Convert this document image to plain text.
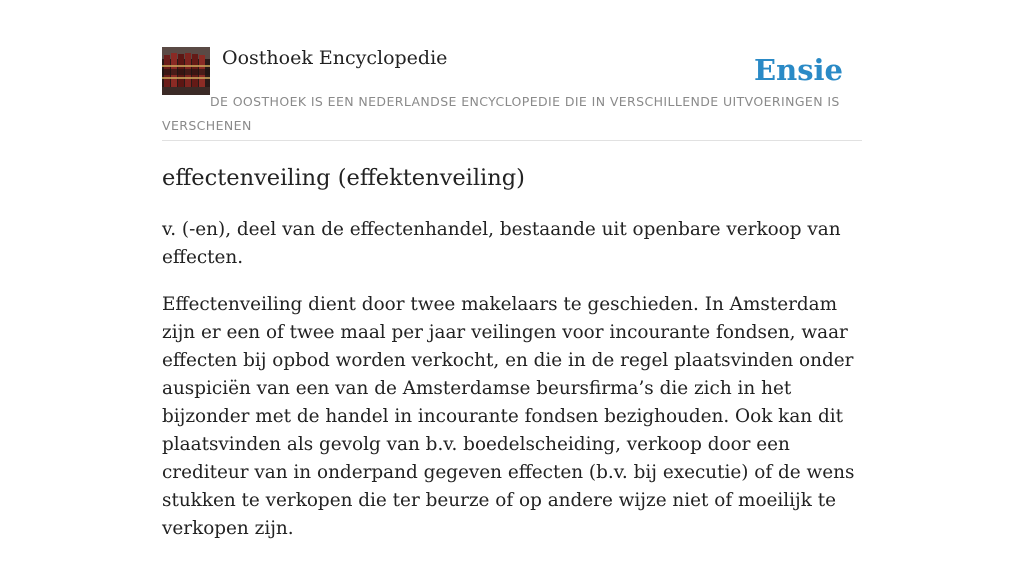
Oosthoek Encyclopedie	Ensie
DE OOSTHOEK IS EEN NEDERLANDSE ENCYCLOPEDIE DIE IN VERSCHILLENDE UITVOERINGEN IS VERSCHENEN
effectenveiling (effektenveiling)

v. (-en), deel van de effectenhandel, bestaande uit openbare verkoop van effecten.

Effectenveiling dient door twee makelaars te geschieden. In Amsterdam zijn er een of twee maal per jaar veilingen voor incourante fondsen, waar effecten bij opbod worden verkocht, en die in de regel plaatsvinden onder auspiciën van een van de Amsterdamse beursfirma’s die zich in het bijzonder met de handel in incourante fondsen bezighouden. Ook kan dit plaatsvinden als gevolg van b.v. boedelscheiding, verkoop door een crediteur van in onderpand gegeven effecten (b.v. bij executie) of de wens stukken te verkopen die ter beurze of op andere wijze niet of moeilijk te verkopen zijn.
